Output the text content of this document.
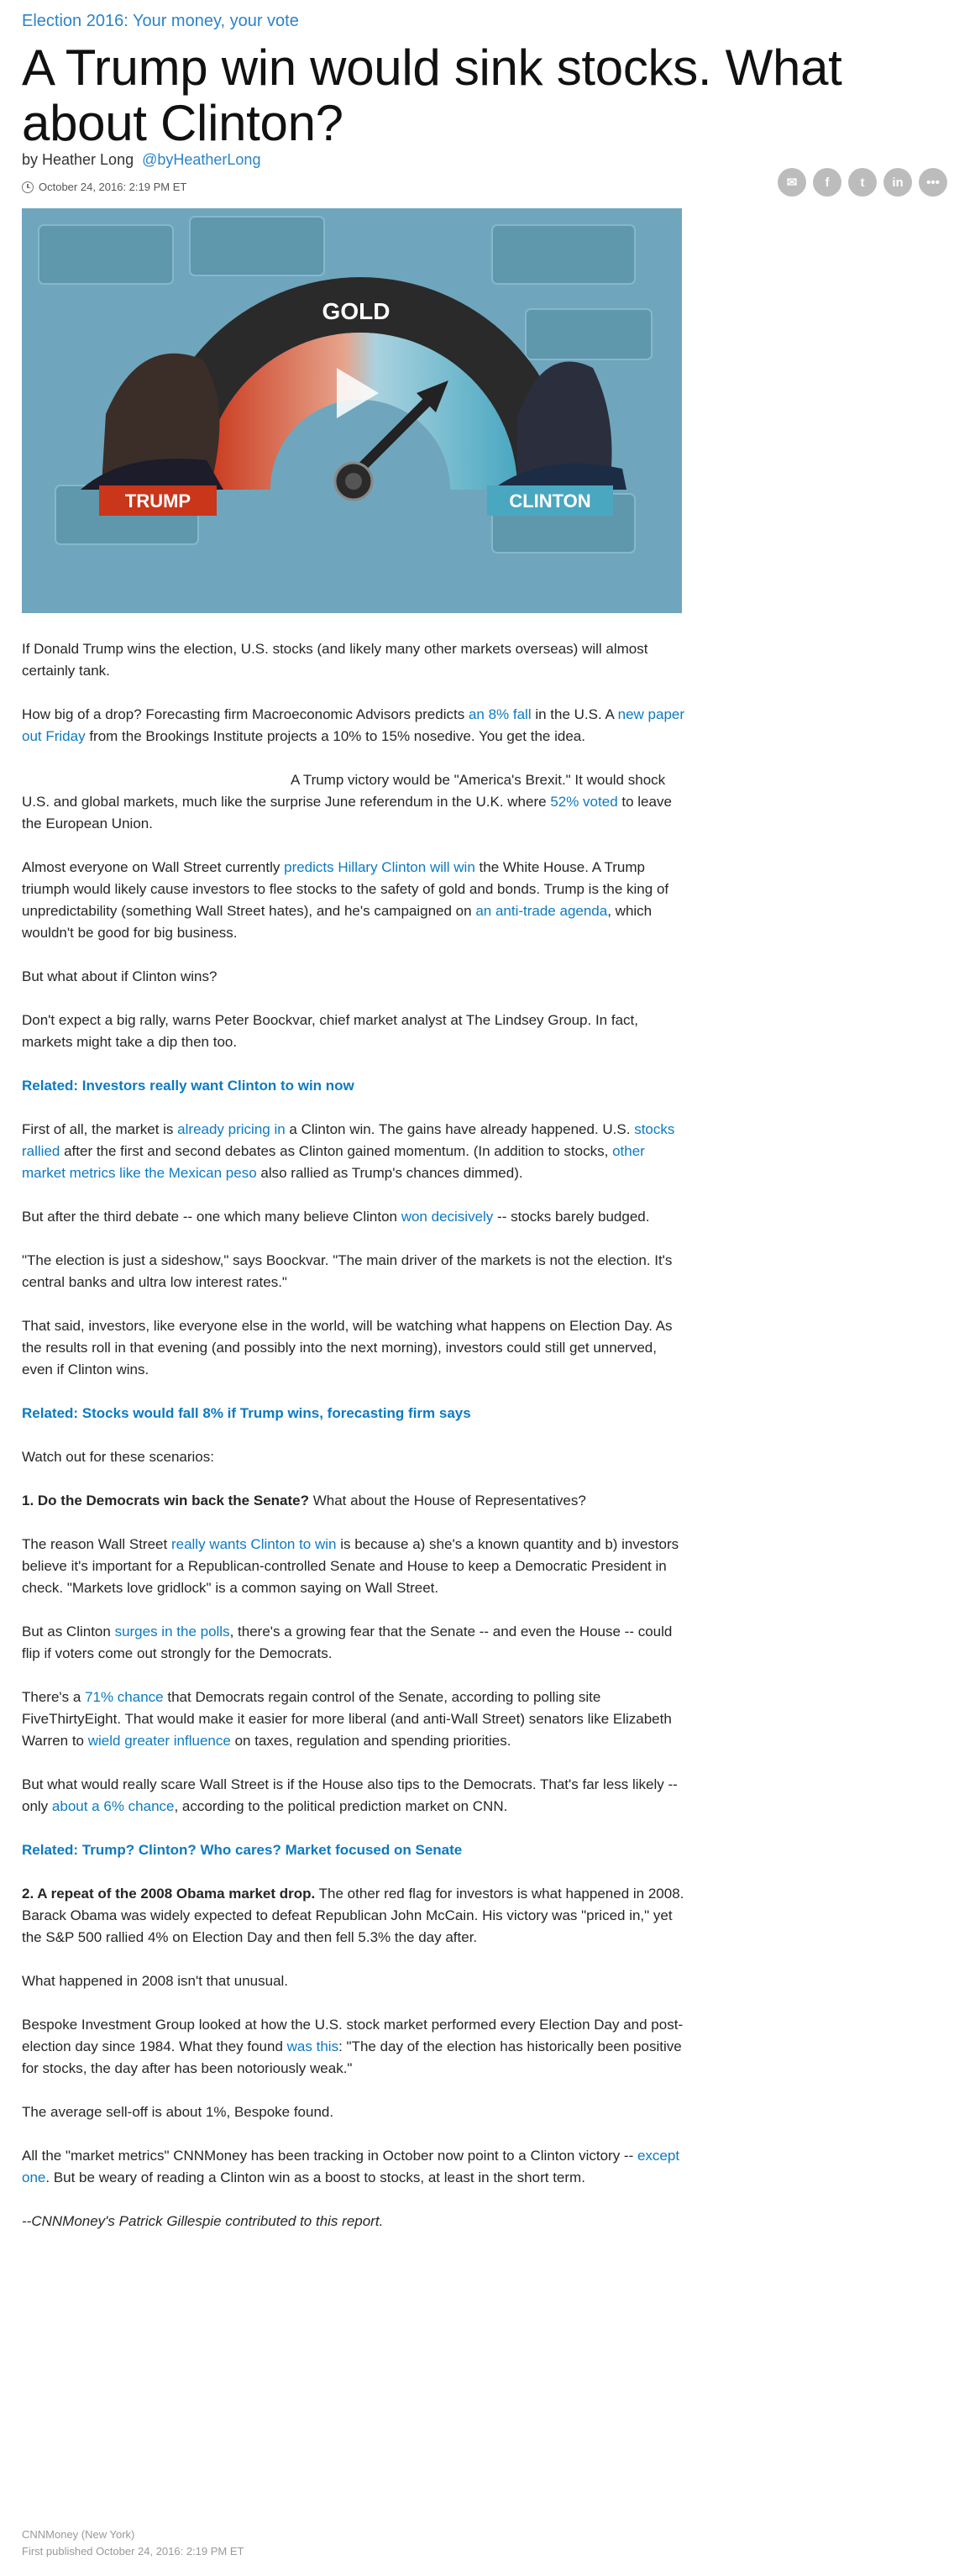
Election 2016: Your money, your vote
A Trump win would sink stocks. What about Clinton?
by Heather Long @byHeatherLong
October 24, 2016: 2:19 PM ET	✉	f	t	in	•••
GOLD
TRUMP	CLINTON

If Donald Trump wins the election, U.S. stocks (and likely many other markets overseas) will almost certainly tank.

How big of a drop? Forecasting firm Macroeconomic Advisors predicts an 8% fall in the U.S. A new paper out Friday from the Brookings Institute projects a 10% to 15% nosedive. You get the idea.

A Trump victory would be "America's Brexit." It would shock U.S. and global markets, much like the surprise June referendum in the U.K. where 52% voted to leave the European Union.

Almost everyone on Wall Street currently predicts Hillary Clinton will win the White House. A Trump triumph would likely cause investors to flee stocks to the safety of gold and bonds. Trump is the king of unpredictability (something Wall Street hates), and he's campaigned on an anti-trade agenda, which wouldn't be good for big business.

But what about if Clinton wins?

Don't expect a big rally, warns Peter Boockvar, chief market analyst at The Lindsey Group. In fact, markets might take a dip then too.

Related: Investors really want Clinton to win now

First of all, the market is already pricing in a Clinton win. The gains have already happened. U.S. stocks rallied after the first and second debates as Clinton gained momentum. (In addition to stocks, other market metrics like the Mexican peso also rallied as Trump's chances dimmed).

But after the third debate -- one which many believe Clinton won decisively -- stocks barely budged.

"The election is just a sideshow," says Boockvar. "The main driver of the markets is not the election. It's central banks and ultra low interest rates."

That said, investors, like everyone else in the world, will be watching what happens on Election Day. As the results roll in that evening (and possibly into the next morning), investors could still get unnerved, even if Clinton wins.

Related: Stocks would fall 8% if Trump wins, forecasting firm says

Watch out for these scenarios:

1. Do the Democrats win back the Senate? What about the House of Representatives?

The reason Wall Street really wants Clinton to win is because a) she's a known quantity and b) investors believe it's important for a Republican-controlled Senate and House to keep a Democratic President in check. "Markets love gridlock" is a common saying on Wall Street.

But as Clinton surges in the polls, there's a growing fear that the Senate -- and even the House -- could flip if voters come out strongly for the Democrats.

There's a 71% chance that Democrats regain control of the Senate, according to polling site FiveThirtyEight. That would make it easier for more liberal (and anti-Wall Street) senators like Elizabeth Warren to wield greater influence on taxes, regulation and spending priorities.

But what would really scare Wall Street is if the House also tips to the Democrats. That's far less likely -- only about a 6% chance, according to the political prediction market on CNN.

Related: Trump? Clinton? Who cares? Market focused on Senate

2. A repeat of the 2008 Obama market drop. The other red flag for investors is what happened in 2008. Barack Obama was widely expected to defeat Republican John McCain. His victory was "priced in," yet the S&P 500 rallied 4% on Election Day and then fell 5.3% the day after.

What happened in 2008 isn't that unusual.

Bespoke Investment Group looked at how the U.S. stock market performed every Election Day and post-election day since 1984. What they found was this: "The day of the election has historically been positive for stocks, the day after has been notoriously weak."

The average sell-off is about 1%, Bespoke found.

All the "market metrics" CNNMoney has been tracking in October now point to a Clinton victory -- except one. But be weary of reading a Clinton win as a boost to stocks, at least in the short term.

--CNNMoney's Patrick Gillespie contributed to this report.

CNNMoney (New York)
First published October 24, 2016: 2:19 PM ET
